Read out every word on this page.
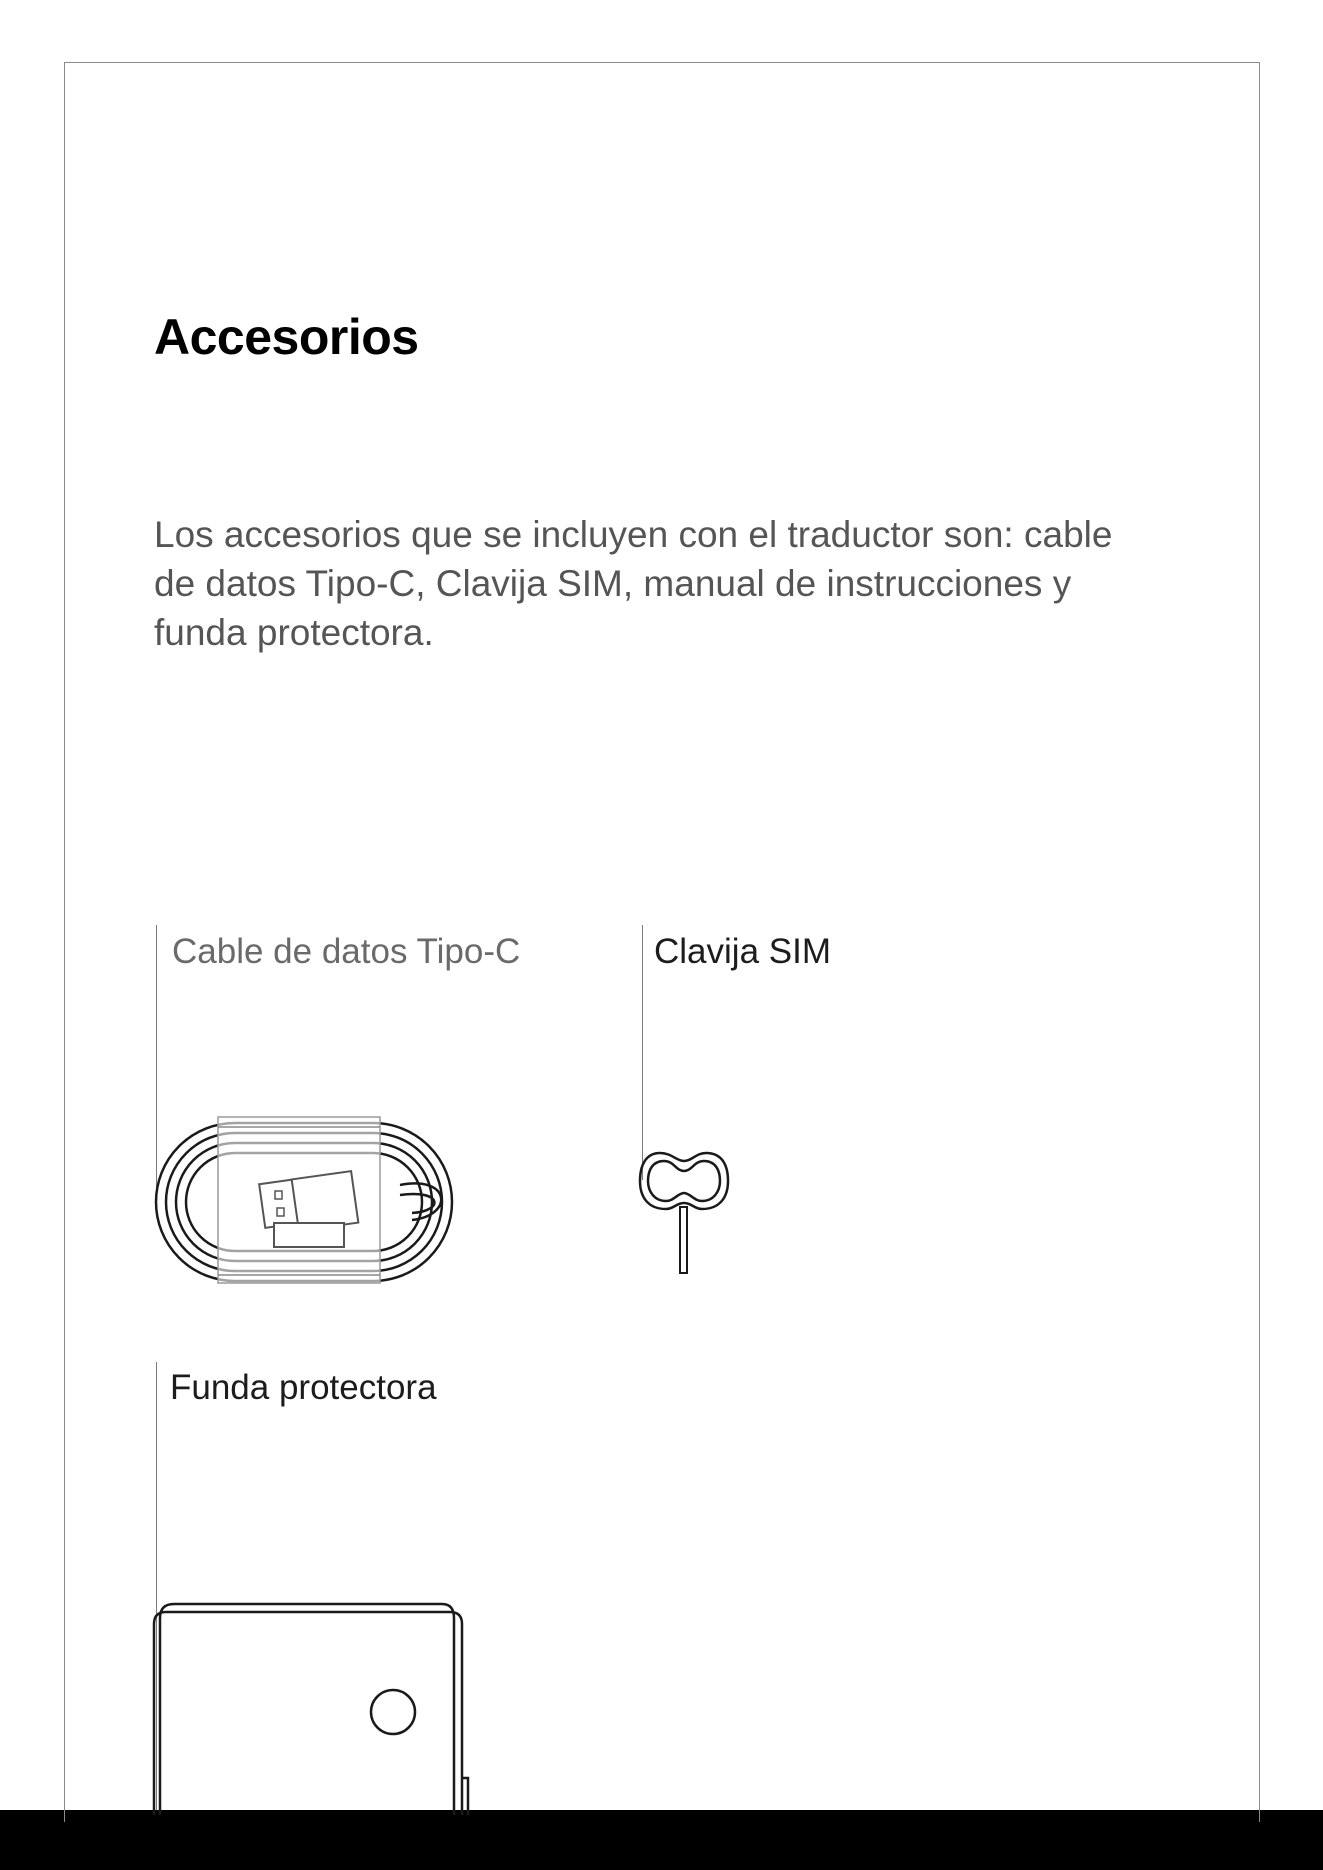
Accesorios

Los accesorios que se incluyen con el traductor son: cable de datos Tipo-C, Clavija SIM, manual de instrucciones y funda protectora.

Cable de datos Tipo-C	Clavija SIM

Funda protectora
